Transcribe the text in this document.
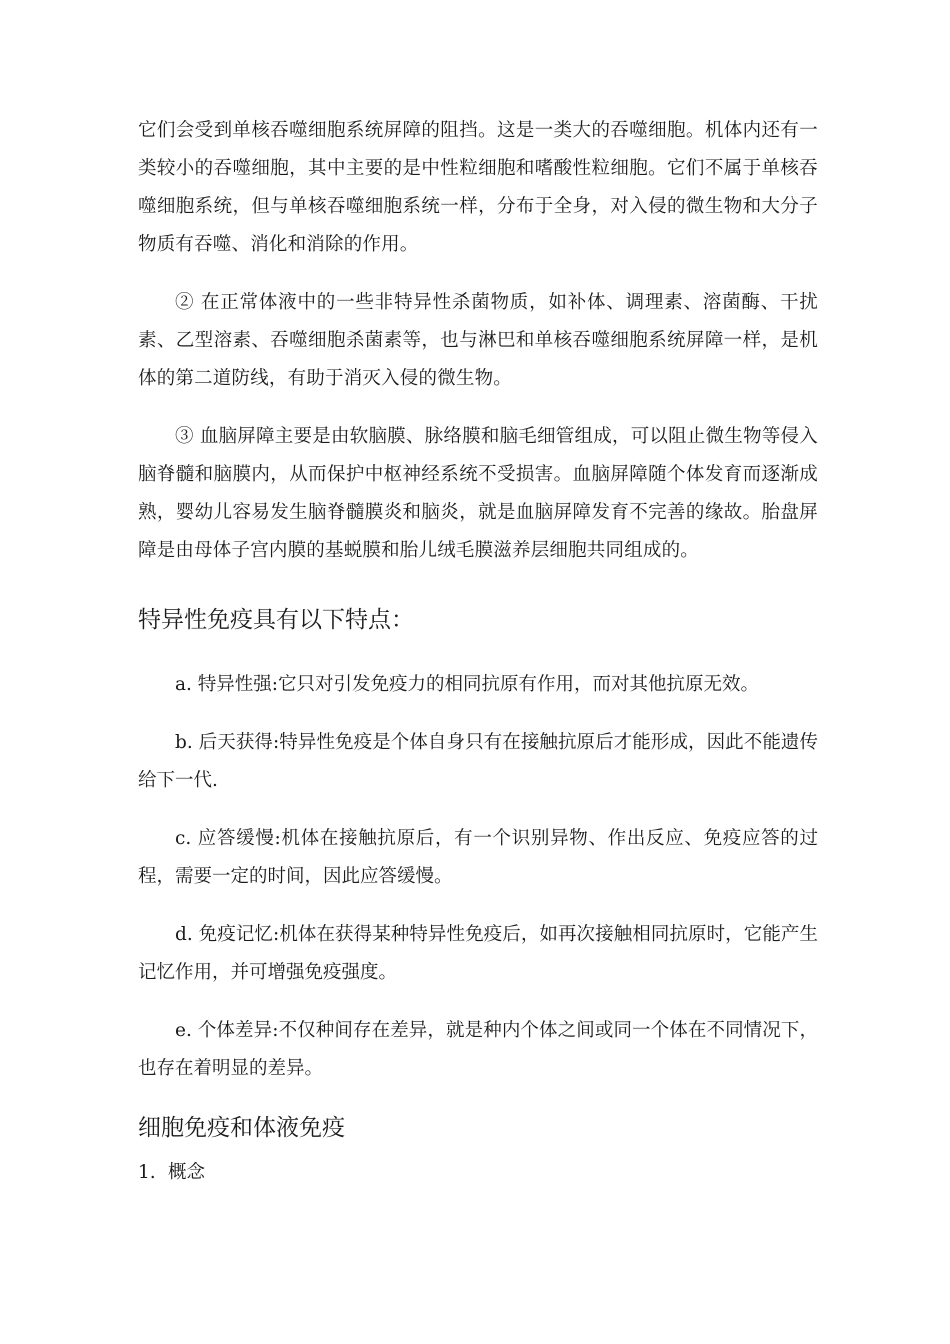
它们会受到单核吞噬细胞系统屏障的阻挡。这是一类大的吞噬细胞。机体内还有一类较小的吞噬细胞，其中主要的是中性粒细胞和嗜酸性粒细胞。它们不属于单核吞噬细胞系统，但与单核吞噬细胞系统一样，分布于全身，对入侵的微生物和大分子物质有吞噬、消化和消除的作用。

② 在正常体液中的一些非特异性杀菌物质，如补体、调理素、溶菌酶、干扰素、乙型溶素、吞噬细胞杀菌素等，也与淋巴和单核吞噬细胞系统屏障一样，是机体的第二道防线，有助于消灭入侵的微生物。

③ 血脑屏障主要是由软脑膜、脉络膜和脑毛细管组成，可以阻止微生物等侵入脑脊髓和脑膜内，从而保护中枢神经系统不受损害。血脑屏障随个体发育而逐渐成熟，婴幼儿容易发生脑脊髓膜炎和脑炎，就是血脑屏障发育不完善的缘故。胎盘屏障是由母体子宫内膜的基蜕膜和胎儿绒毛膜滋养层细胞共同组成的。

特异性免疫具有以下特点：

a. 特异性强:它只对引发免疫力的相同抗原有作用，而对其他抗原无效。

b. 后天获得:特异性免疫是个体自身只有在接触抗原后才能形成，因此不能遗传给下一代.

c. 应答缓慢:机体在接触抗原后，有一个识别异物、作出反应、免疫应答的过程，需要一定的时间，因此应答缓慢。

d. 免疫记忆:机体在获得某种特异性免疫后，如再次接触相同抗原时，它能产生记忆作用，并可增强免疫强度。

e. 个体差异:不仅种间存在差异，就是种内个体之间或同一个体在不同情况下，也存在着明显的差异。

细胞免疫和体液免疫

1. 概念
